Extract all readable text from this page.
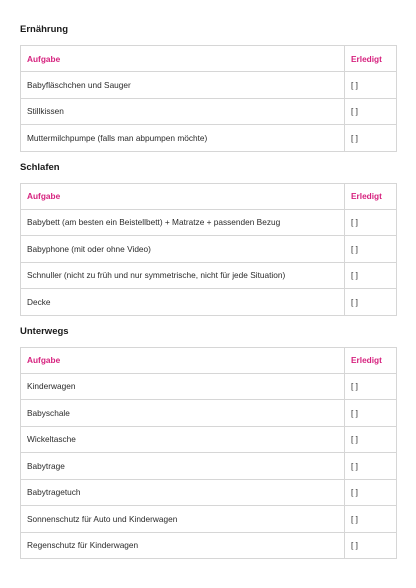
Ernährung
Aufgabe	Erledigt
Babyfläschchen und Sauger	[ ]
Stillkissen	[ ]
Muttermilchpumpe (falls man abpumpen möchte)	[ ]
Schlafen
Aufgabe	Erledigt
Babybett (am besten ein Beistellbett) + Matratze + passenden Bezug	[ ]
Babyphone (mit oder ohne Video)	[ ]
Schnuller (nicht zu früh und nur symmetrische, nicht für jede Situation)	[ ]
Decke	[ ]
Unterwegs
Aufgabe	Erledigt
Kinderwagen	[ ]
Babyschale	[ ]
Wickeltasche	[ ]
Babytrage	[ ]
Babytragetuch	[ ]
Sonnenschutz für Auto und Kinderwagen	[ ]
Regenschutz für Kinderwagen	[ ]
